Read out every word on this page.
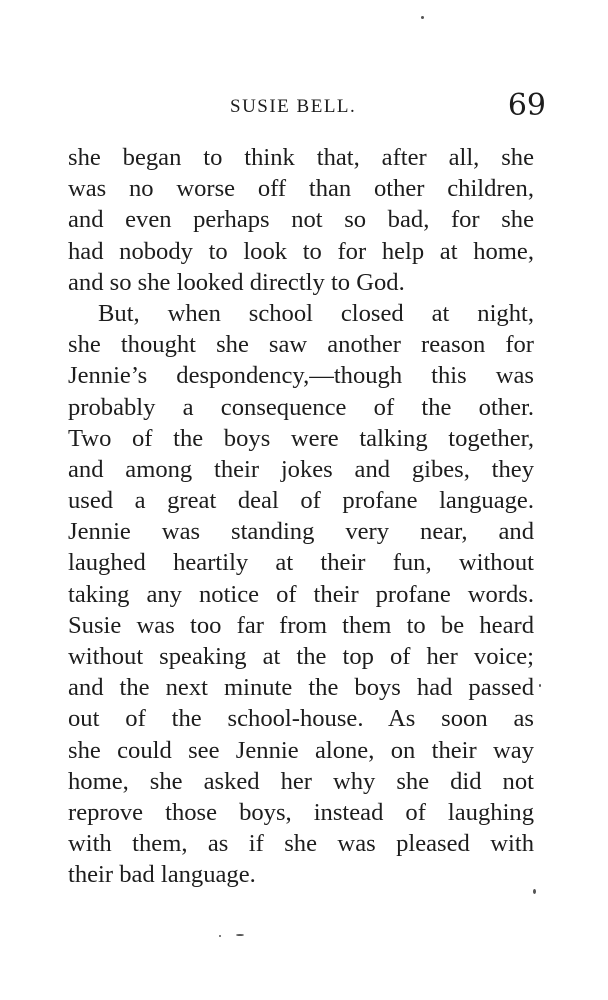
SUSIE BELL.	69
she began to think that, after all, she
was no worse off than other children,
and even perhaps not so bad, for she
had nobody to look to for help at home,
and so she looked directly to God.
But, when school closed at night,
she thought she saw another reason for
Jennie’s despondency,—though this was
probably a consequence of the other.
Two of the boys were talking together,
and among their jokes and gibes, they
used a great deal of profane language.
Jennie was standing very near, and
laughed heartily at their fun, without
taking any notice of their profane words.
Susie was too far from them to be heard
without speaking at the top of her voice;
and the next minute the boys had passed
out of the school-house. As soon as
she could see Jennie alone, on their way
home, she asked her why she did not
reprove those boys, instead of laughing
with them, as if she was pleased with
their bad language.
